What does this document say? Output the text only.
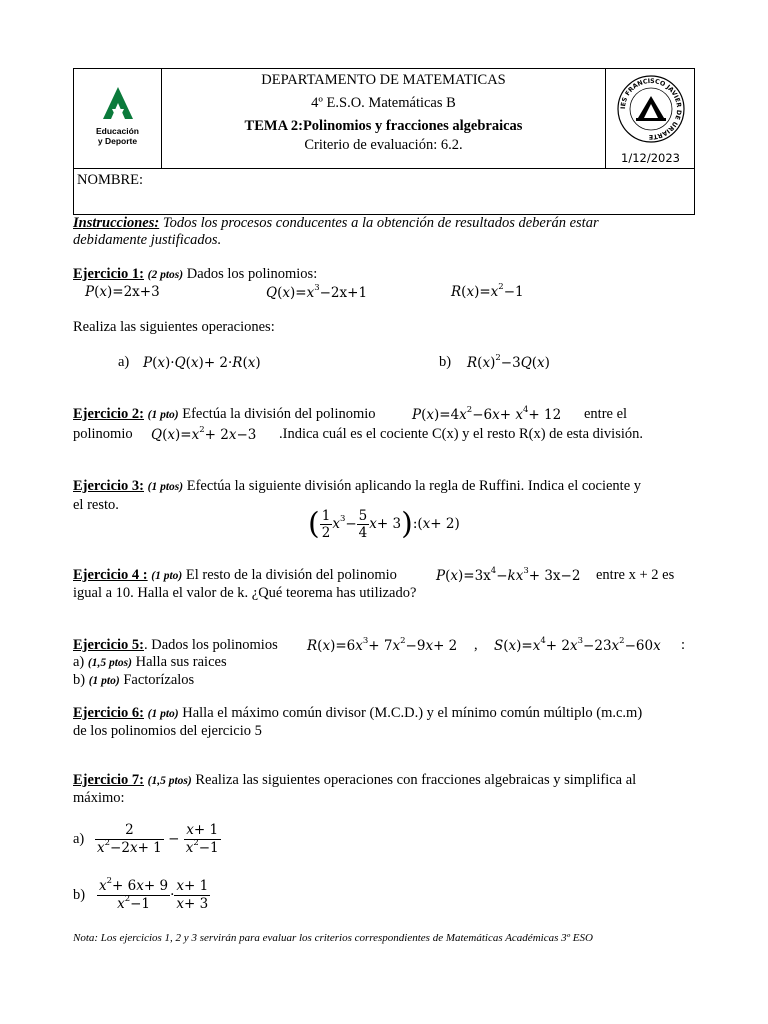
Educación
y Deporte
DEPARTAMENTO DE MATEMATICAS
4º E.S.O. Matemáticas B
TEMA 2:Polinomios y fracciones algebraicas
Criterio de evaluación: 6.2.
IES FRANCISCO JAVIER DE URIARTE
1/12/2023
NOMBRE:
Instrucciones: Todos los procesos conducentes a la obtención de resultados deberán estar
debidamente justificados.
Ejercicio 1: (2 ptos) Dados los polinomios:
P(x)=2x+3	$Q(x)=x^3-2x+1$	$R(x)=x^2-1$
Realiza las siguientes operaciones:
a) P(x)·Q(x)+ 2·R(x)	b) $R(x)^2-3Q(x)$
Ejercicio 2: (1 pto) Efectúa la división del polinomio	$P(x)=4x^2-6x+ x^4+ 12$ entre el
polinomio $Q(x)=x^2+ 2x-3$ .Indica cuál es el cociente C(x) y el resto R(x) de esta división.
Ejercicio 3: (1 ptos) Efectúa la siguiente división aplicando la regla de Ruffini. Indica el cociente y
el resto.
( $\frac{1}{2} x^3- \frac{5}{4} x+$ 3):(x+ 2)
Ejercicio 4 : (1 pto) El resto de la división del polinomio	$P(x)=3x^4-kx^3+ 3x-2$ entre x + 2 es
igual a 10. Halla el valor de k. ¿Qué teorema has utilizado?
Ejercicio 5:. Dados los polinomios $R(x)=6x^3+ 7x^2-9x+ 2$ , $S(x)=x^4+ 2x^3-23x^2-60x$ :
a) (1,5 ptos) Halla sus raices
b) (1 pto) Factorízalos
Ejercicio 6: (1 pto) Halla el máximo común divisor (M.C.D.) y el mínimo común múltiplo (m.c.m)
de los polinomios del ejercicio 5
Ejercicio 7: (1,5 ptos) Realiza las siguientes operaciones con fracciones algebraicas y simplifica al
máximo:
$a) \frac{2}{x^2-2x+ 1} - \frac{x+ 1}{x^2-1}$
$b) \frac{x^2+ 6x+ 9}{x^2-1} \cdot \frac{x+ 1}{x+ 3}$
Nota: Los ejercicios 1, 2 y 3 servirán para evaluar los criterios correspondientes de Matemáticas Académicas 3º ESO
